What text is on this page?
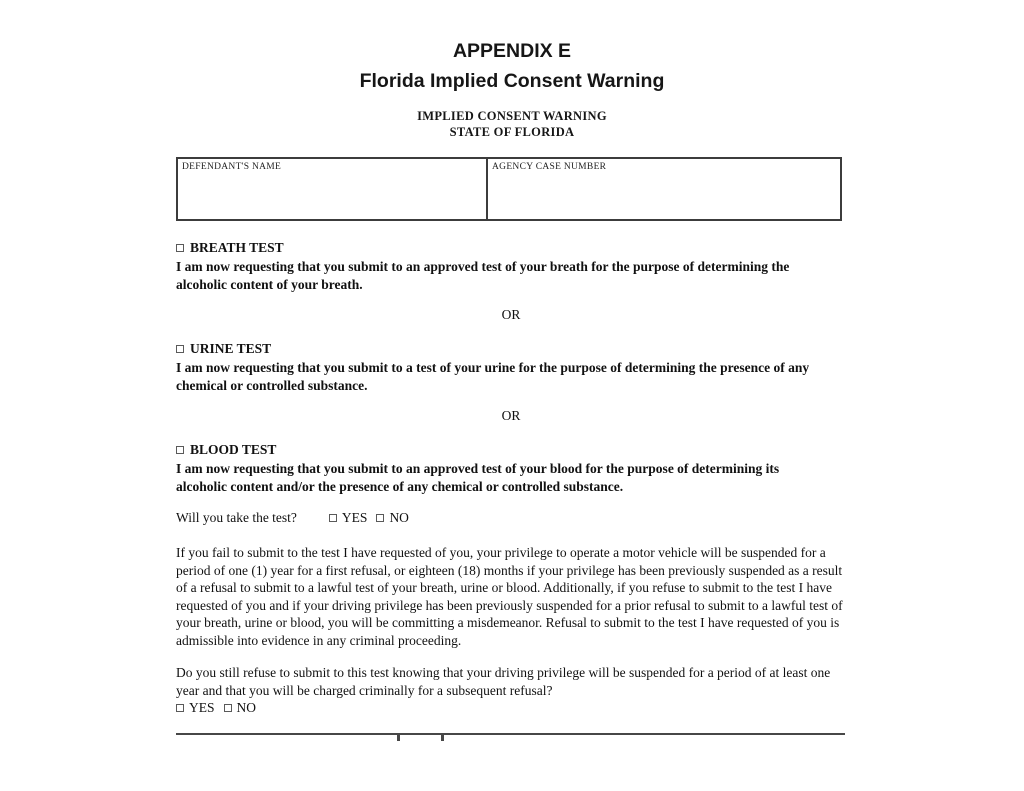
APPENDIX E
Florida Implied Consent Warning
IMPLIED CONSENT WARNING
STATE OF FLORIDA
DEFENDANT'S NAME	AGENCY CASE NUMBER
BREATH TEST
I am now requesting that you submit to an approved test of your breath for the purpose of determining the alcoholic content of your breath.
OR
URINE TEST
I am now requesting that you submit to a test of your urine for the purpose of determining the presence of any chemical or controlled substance.
OR
BLOOD TEST
I am now requesting that you submit to an approved test of your blood for the purpose of determining its alcoholic content and/or the presence of any chemical or controlled substance.
Will you take the test?	YES NO
If you fail to submit to the test I have requested of you, your privilege to operate a motor vehicle will be suspended for a period of one (1) year for a first refusal, or eighteen (18) months if your privilege has been previously suspended as a result of a refusal to submit to a lawful test of your breath, urine or blood. Additionally, if you refuse to submit to the test I have requested of you and if your driving privilege has been previously suspended for a prior refusal to submit to a lawful test of your breath, urine or blood, you will be committing a misdemeanor. Refusal to submit to the test I have requested of you is admissible into evidence in any criminal proceeding.
Do you still refuse to submit to this test knowing that your driving privilege will be suspended for a period of at least one year and that you will be charged criminally for a subsequent refusal?
YES NO
